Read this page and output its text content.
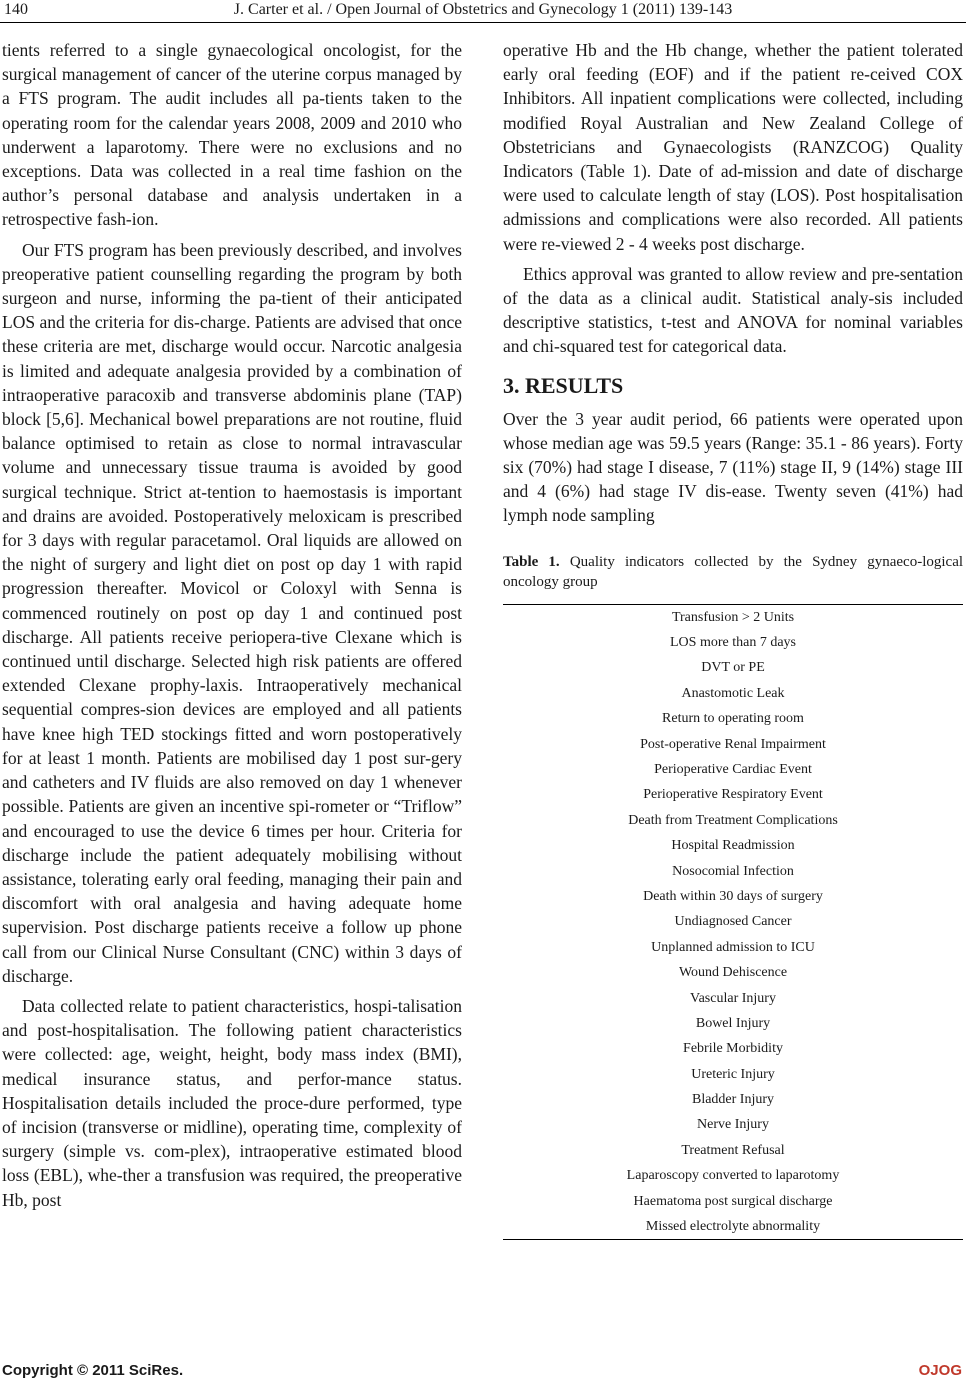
140	J. Carter et al. / Open Journal of Obstetrics and Gynecology 1 (2011) 139-143

tients referred to a single gynaecological oncologist, for the surgical management of cancer of the uterine corpus managed by a FTS program. The audit includes all pa-tients taken to the operating room for the calendar years 2008, 2009 and 2010 who underwent a laparotomy. There were no exclusions and no exceptions. Data was collected in a real time fashion on the author’s personal database and analysis undertaken in a retrospective fash-ion.

Our FTS program has been previously described, and involves preoperative patient counselling regarding the program by both surgeon and nurse, informing the pa-tient of their anticipated LOS and the criteria for dis-charge. Patients are advised that once these criteria are met, discharge would occur. Narcotic analgesia is limited and adequate analgesia provided by a combination of intraoperative paracoxib and transverse abdominis plane (TAP) block [5,6]. Mechanical bowel preparations are not routine, fluid balance optimised to retain as close to normal intravascular volume and unnecessary tissue trauma is avoided by good surgical technique. Strict at-tention to haemostasis is important and drains are avoided. Postoperatively meloxicam is prescribed for 3 days with regular paracetamol. Oral liquids are allowed on the night of surgery and light diet on post op day 1 with rapid progression thereafter. Movicol or Coloxyl with Senna is commenced routinely on post op day 1 and continued post discharge. All patients receive periopera-tive Clexane which is continued until discharge. Selected high risk patients are offered extended Clexane prophy-laxis. Intraoperatively mechanical sequential compres-sion devices are employed and all patients have knee high TED stockings fitted and worn postoperatively for at least 1 month. Patients are mobilised day 1 post sur-gery and catheters and IV fluids are also removed on day 1 whenever possible. Patients are given an incentive spi-rometer or “Triflow” and encouraged to use the device 6 times per hour. Criteria for discharge include the patient adequately mobilising without assistance, tolerating early oral feeding, managing their pain and discomfort with oral analgesia and having adequate home supervision. Post discharge patients receive a follow up phone call from our Clinical Nurse Consultant (CNC) within 3 days of discharge.

Data collected relate to patient characteristics, hospi-talisation and post-hospitalisation. The following patient characteristics were collected: age, weight, height, body mass index (BMI), medical insurance status, and perfor-mance status. Hospitalisation details included the proce-dure performed, type of incision (transverse or midline), operating time, complexity of surgery (simple vs. com-plex), intraoperative estimated blood loss (EBL), whe-ther a transfusion was required, the preoperative Hb, post

operative Hb and the Hb change, whether the patient tolerated early oral feeding (EOF) and if the patient re-ceived COX Inhibitors. All inpatient complications were collected, including modified Royal Australian and New Zealand College of Obstetricians and Gynaecologists (RANZCOG) Quality Indicators (Table 1). Date of ad-mission and date of discharge were used to calculate length of stay (LOS). Post hospitalisation admissions and complications were also recorded. All patients were re-viewed 2 - 4 weeks post discharge.

Ethics approval was granted to allow review and pre-sentation of the data as a clinical audit. Statistical analy-sis included descriptive statistics, t-test and ANOVA for nominal variables and chi-squared test for categorical data.

3. RESULTS

Over the 3 year audit period, 66 patients were operated upon whose median age was 59.5 years (Range: 35.1 - 86 years). Forty six (70%) had stage I disease, 7 (11%) stage II, 9 (14%) stage III and 4 (6%) had stage IV dis-ease. Twenty seven (41%) had lymph node sampling

Table 1. Quality indicators collected by the Sydney gynaeco-logical oncology group
Transfusion > 2 Units
LOS more than 7 days
DVT or PE
Anastomotic Leak
Return to operating room
Post-operative Renal Impairment
Perioperative Cardiac Event
Perioperative Respiratory Event
Death from Treatment Complications
Hospital Readmission
Nosocomial Infection
Death within 30 days of surgery
Undiagnosed Cancer
Unplanned admission to ICU
Wound Dehiscence
Vascular Injury
Bowel Injury
Febrile Morbidity
Ureteric Injury
Bladder Injury
Nerve Injury
Treatment Refusal
Laparoscopy converted to laparotomy
Haematoma post surgical discharge
Missed electrolyte abnormality
Copyright © 2011 SciRes.	OJOG
